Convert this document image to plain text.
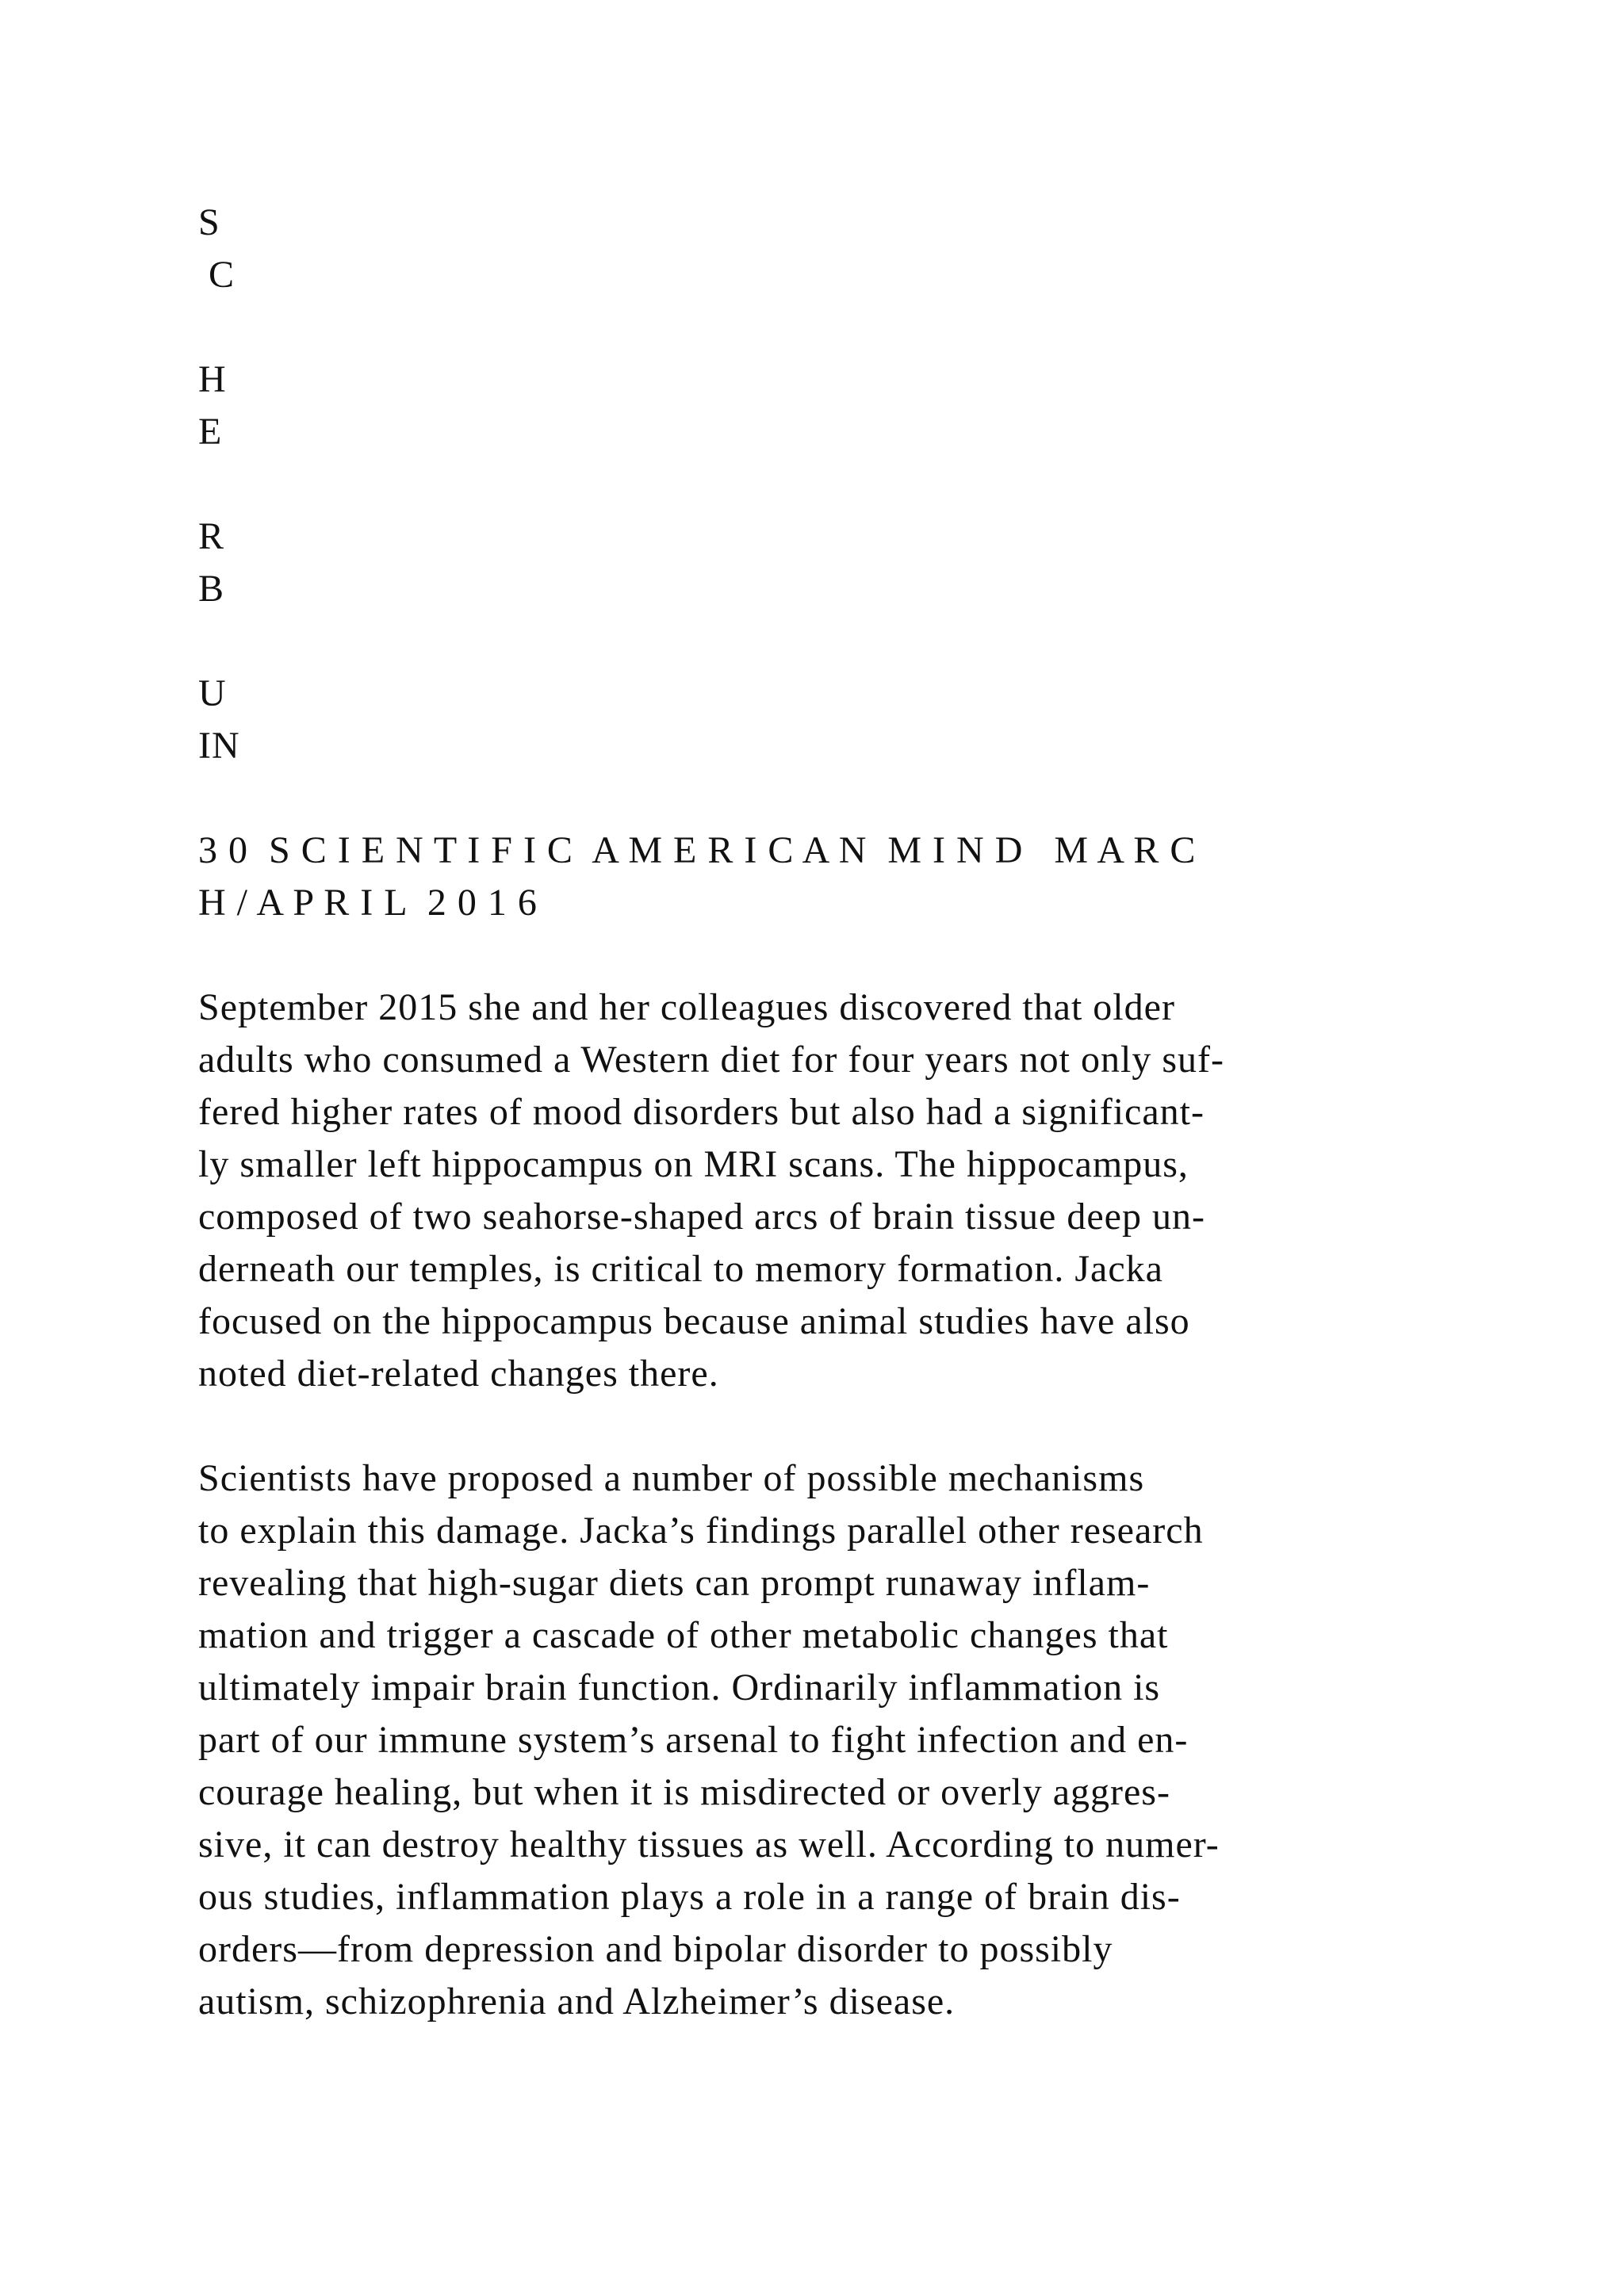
S

C

H

E

R

B

U

IN

3 0  S C I E N T I F I C  A M E R I C A N  M I N D   M A R C

H / A P R I L  2 0 1 6

September 2015 she and her colleagues discovered that older

adults who consumed a Western diet for four years not only suf-

fered higher rates of mood disorders but also had a significant-

ly smaller left hippocampus on MRI scans. The hippocampus,

composed of two seahorse-shaped arcs of brain tissue deep un-

derneath our temples, is critical to memory formation. Jacka

focused on the hippocampus because animal studies have also

noted diet-related changes there.

Scientists have proposed a number of possible mechanisms

to explain this damage. Jacka’s findings parallel other research

revealing that high-sugar diets can prompt runaway inflam-

mation and trigger a cascade of other metabolic changes that

ultimately impair brain function. Ordinarily inflammation is

part of our immune system’s arsenal to fight infection and en-

courage healing, but when it is misdirected or overly aggres-

sive, it can destroy healthy tissues as well. According to numer-

ous studies, inflammation plays a role in a range of brain dis-

orders—from depression and bipolar disorder to possibly

autism, schizophrenia and Alzheimer’s disease.
